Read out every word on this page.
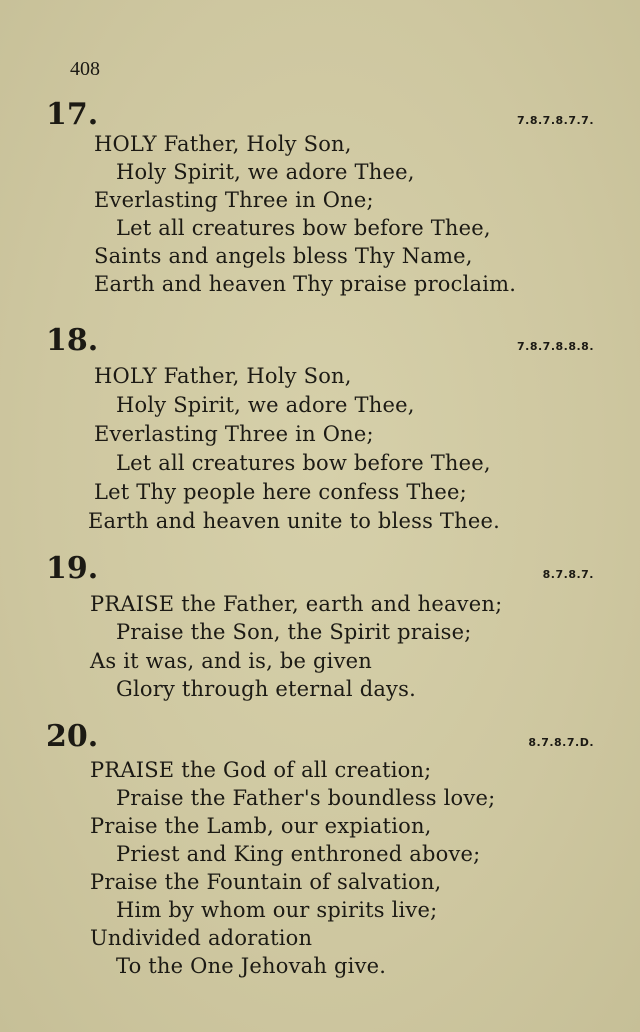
408
17.	7.8.7.8.7.7.
HOLY Father, Holy Son,
Holy Spirit, we adore Thee,
Everlasting Three in One;
Let all creatures bow before Thee,
Saints and angels bless Thy Name,
Earth and heaven Thy praise proclaim.
18.	7.8.7.8.8.8.
HOLY Father, Holy Son,
Holy Spirit, we adore Thee,
Everlasting Three in One;
Let all creatures bow before Thee,
Let Thy people here confess Thee;
Earth and heaven unite to bless Thee.
19.	8.7.8.7.
PRAISE the Father, earth and heaven;
Praise the Son, the Spirit praise;
As it was, and is, be given
Glory through eternal days.
20.	8.7.8.7.D.
PRAISE the God of all creation;
Praise the Father's boundless love;
Praise the Lamb, our expiation,
Priest and King enthroned above;
Praise the Fountain of salvation,
Him by whom our spirits live;
Undivided adoration
To the One Jehovah give.
